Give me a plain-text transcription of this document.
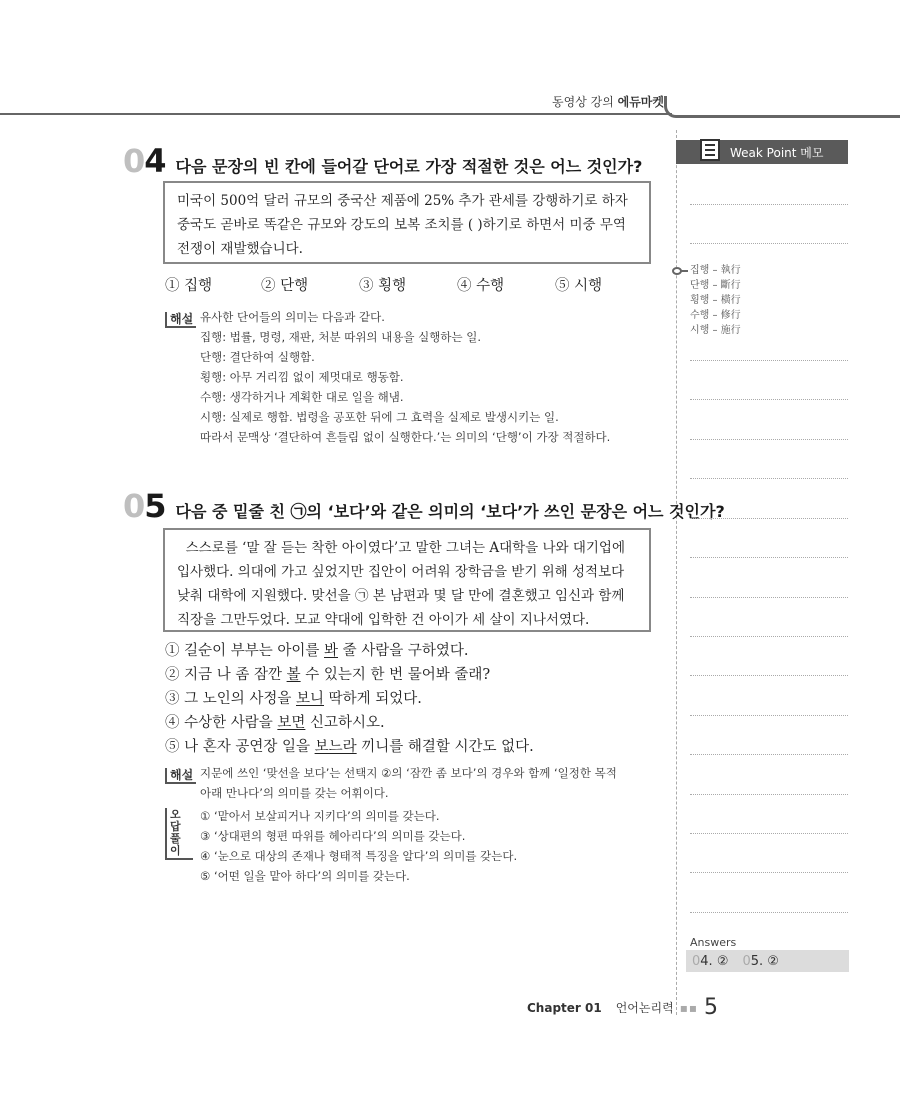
동영상 강의 에듀마켓
04 다음 문장의 빈 칸에 들어갈 단어로 가장 적절한 것은 어느 것인가?
미국이 500억 달러 규모의 중국산 제품에 25% 추가 관세를 강행하기로 하자
중국도 곧바로 똑같은 규모와 강도의 보복 조치를 ( )하기로 하면서 미중 무역
전쟁이 재발했습니다.
① 집행	② 단행	③ 횡행	④ 수행	⑤ 시행
해설 유사한 단어들의 의미는 다음과 같다.
집행: 법률, 명령, 재판, 처분 따위의 내용을 실행하는 일.
단행: 결단하여 실행함.
횡행: 아무 거리낌 없이 제멋대로 행동함.
수행: 생각하거나 계획한 대로 일을 해냄.
시행: 실제로 행함. 법령을 공포한 뒤에 그 효력을 실제로 발생시키는 일.
따라서 문맥상 ‘결단하여 흔들림 없이 실행한다.’는 의미의 ‘단행’이 가장 적절하다.
05 다음 중 밑줄 친 ㉠의 ‘보다’와 같은 의미의 ‘보다’가 쓰인 문장은 어느 것인가?
스스로를 ‘말 잘 듣는 착한 아이였다’고 말한 그녀는 A대학을 나와 대기업에
입사했다. 의대에 가고 싶었지만 집안이 어려워 장학금을 받기 위해 성적보다
낮춰 대학에 지원했다. 맞선을 ㉠ 본 남편과 몇 달 만에 결혼했고 임신과 함께
직장을 그만두었다. 모교 약대에 입학한 건 아이가 세 살이 지나서였다.
① 길순이 부부는 아이를 봐 줄 사람을 구하였다.
② 지금 나 좀 잠깐 볼 수 있는지 한 번 물어봐 줄래?
③ 그 노인의 사정을 보니 딱하게 되었다.
④ 수상한 사람을 보면 신고하시오.
⑤ 나 혼자 공연장 일을 보느라 끼니를 해결할 시간도 없다.
해설 지문에 쓰인 ‘맞선을 보다’는 선택지 ②의 ‘잠깐 좀 보다’의 경우와 함께 ‘일정한 목적
아래 만나다’의 의미를 갖는 어휘이다.
오답
풀이
① ‘맡아서 보살피거나 지키다’의 의미를 갖는다.
③ ‘상대편의 형편 따위를 헤아리다’의 의미를 갖는다.
④ ‘눈으로 대상의 존재나 형태적 특징을 알다’의 의미를 갖는다.
⑤ ‘어떤 일을 맡아 하다’의 의미를 갖는다.
Weak Point 메모
집행 – 執行
단행 – 斷行
횡행 – 橫行
수행 – 修行
시행 – 施行
Answers
04. ② 05. ②
Chapter 01 언어논리력 ▪▪ 5
